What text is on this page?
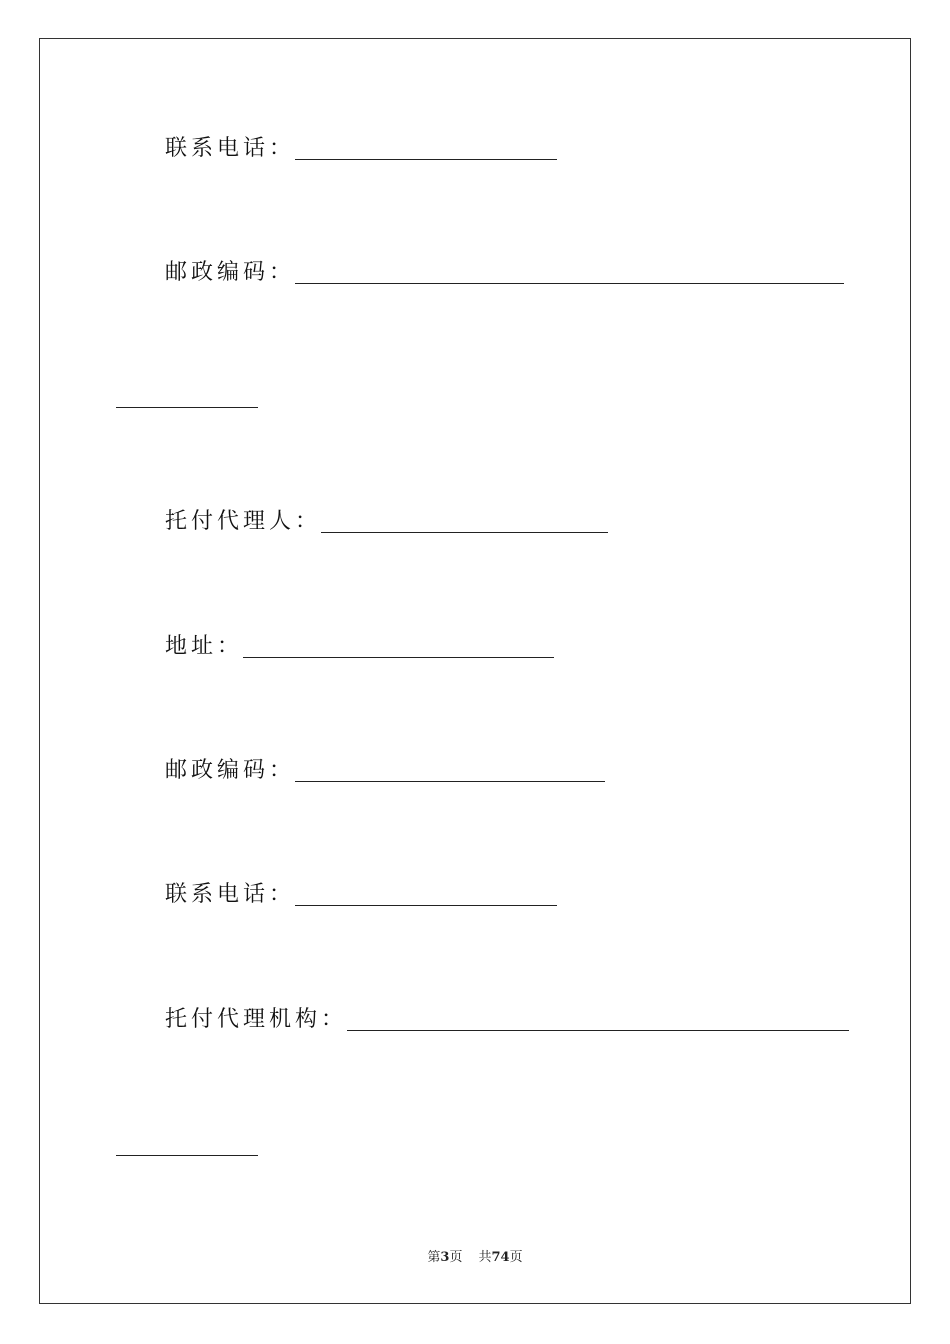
联系电话：
邮政编码：
托付代理人：
地址：
邮政编码：
联系电话：
托付代理机构：
第3页 共74页
